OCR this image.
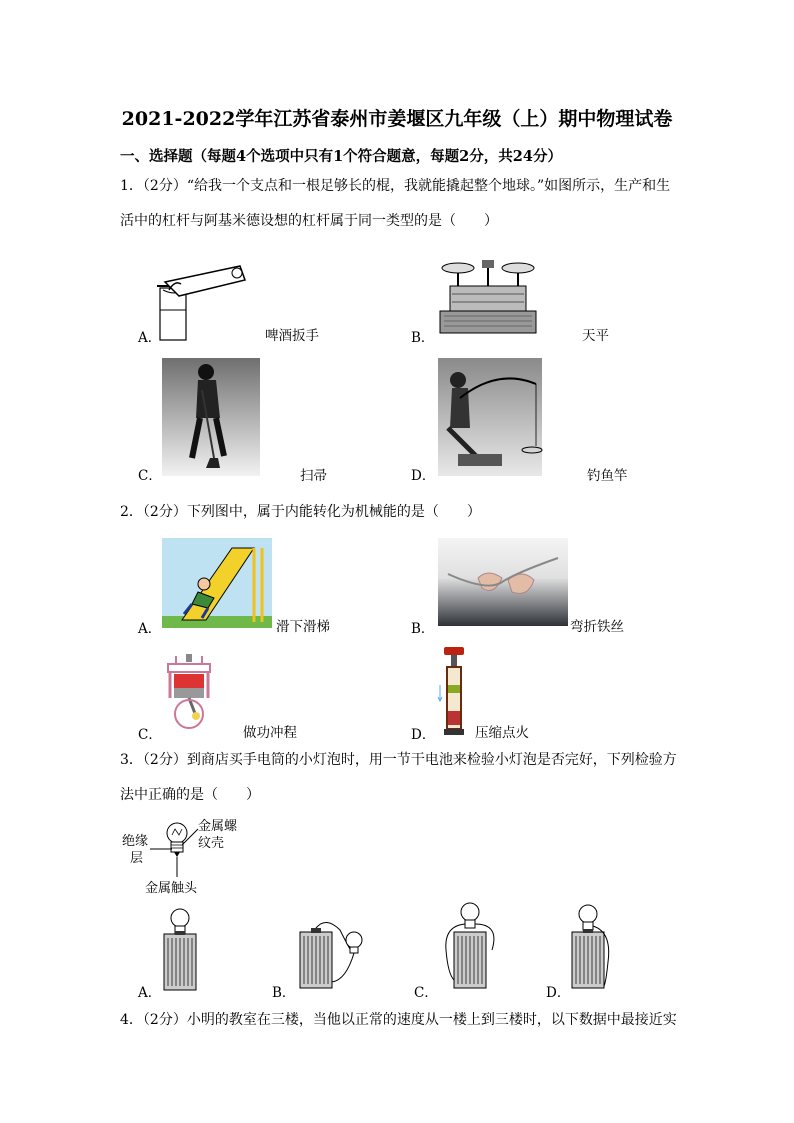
2021-2022学年江苏省泰州市姜堰区九年级（上）期中物理试卷
一、选择题（每题4个选项中只有1个符合题意，每题2分，共24分）
1．（2分）“给我一个支点和一根足够长的棍，我就能撬起整个地球。”如图所示，生产和生
活中的杠杆与阿基米德设想的杠杆属于同一类型的是（　　）
A．	啤酒扳手	B．	天平
C．	扫帚	D．	钓鱼竿
2．（2分）下列图中，属于内能转化为机械能的是（　　）
A．	滑下滑梯	B．	弯折铁丝
C．	做功冲程	D．	压缩点火
3．（2分）到商店买手电筒的小灯泡时，用一节干电池来检验小灯泡是否完好，下列检验方
法中正确的是（　　）
金属螺
纹壳
绝缘
层
金属触头
A．	B．	C．	D．
4．（2分）小明的教室在三楼，当他以正常的速度从一楼上到三楼时，以下数据中最接近实
